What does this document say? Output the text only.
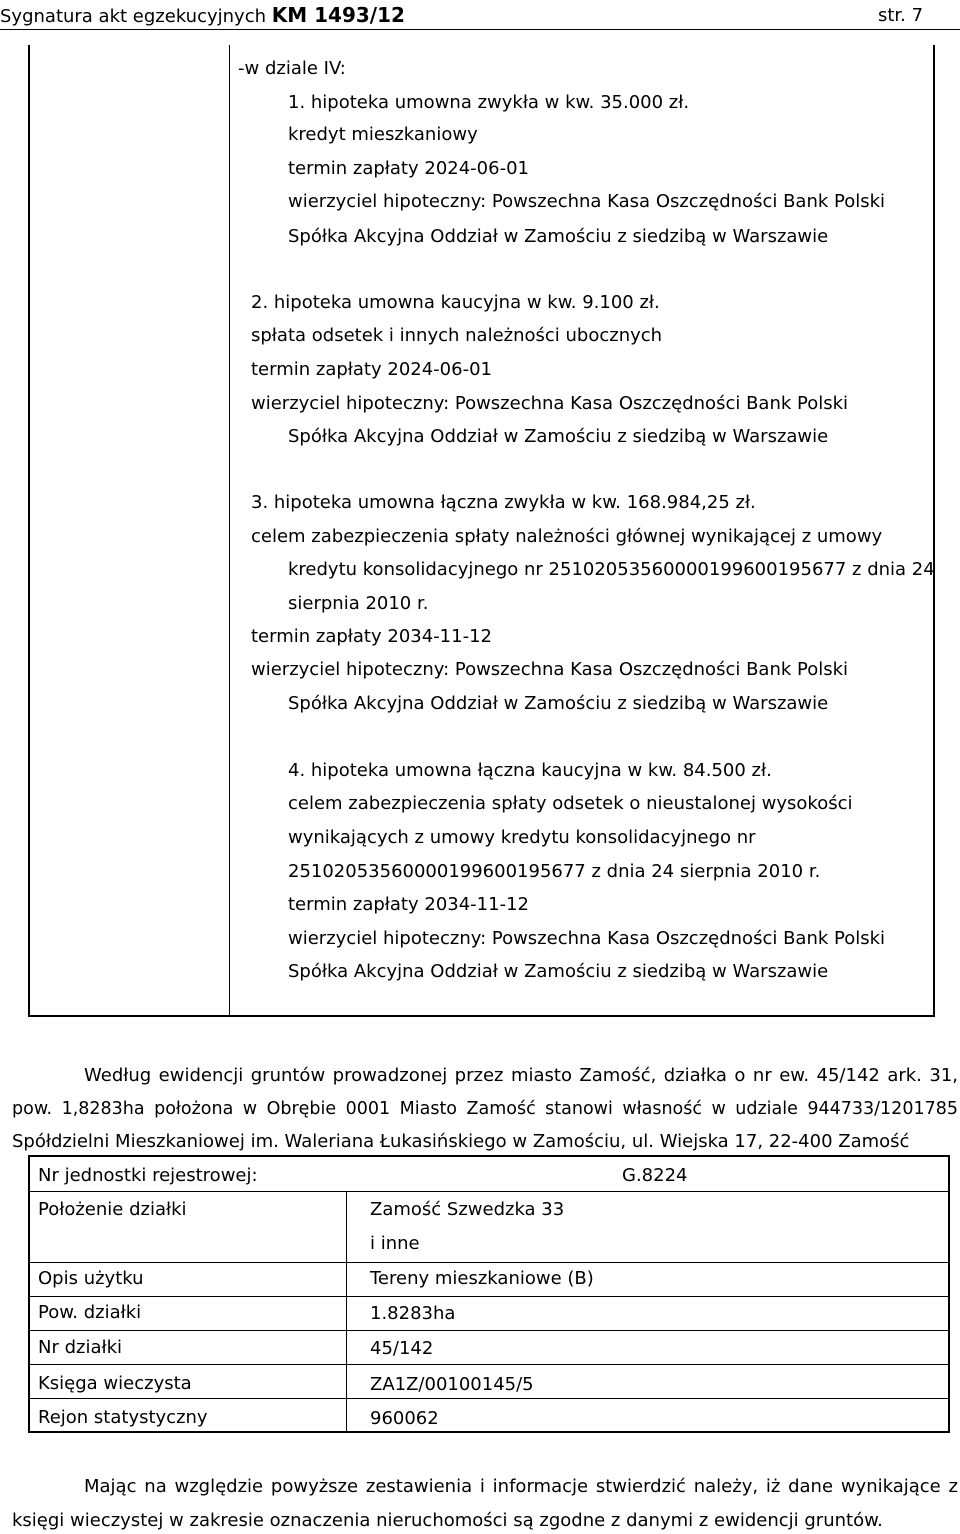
Sygnatura akt egzekucyjnych KM 1493/12	str. 7
-w dziale IV:
1. hipoteka umowna zwykła w kw. 35.000 zł.
kredyt mieszkaniowy
termin zapłaty 2024-06-01
wierzyciel hipoteczny: Powszechna Kasa Oszczędności Bank Polski
Spółka Akcyjna Oddział w Zamościu z siedzibą w Warszawie
2. hipoteka umowna kaucyjna w kw. 9.100 zł.
spłata odsetek i innych należności ubocznych
termin zapłaty 2024-06-01
wierzyciel hipoteczny: Powszechna Kasa Oszczędności Bank Polski
Spółka Akcyjna Oddział w Zamościu z siedzibą w Warszawie
3. hipoteka umowna łączna zwykła w kw. 168.984,25 zł.
celem zabezpieczenia spłaty należności głównej wynikającej z umowy
kredytu konsolidacyjnego nr 25102053560000199600195677 z dnia 24
sierpnia 2010 r.
termin zapłaty 2034-11-12
wierzyciel hipoteczny: Powszechna Kasa Oszczędności Bank Polski
Spółka Akcyjna Oddział w Zamościu z siedzibą w Warszawie
4. hipoteka umowna łączna kaucyjna w kw. 84.500 zł.
celem zabezpieczenia spłaty odsetek o nieustalonej wysokości
wynikających z umowy kredytu konsolidacyjnego nr
25102053560000199600195677 z dnia 24 sierpnia 2010 r.
termin zapłaty 2034-11-12
wierzyciel hipoteczny: Powszechna Kasa Oszczędności Bank Polski
Spółka Akcyjna Oddział w Zamościu z siedzibą w Warszawie
Według ewidencji gruntów prowadzonej przez miasto Zamość, działka o nr ew. 45/142 ark. 31,
pow. 1,8283ha położona w Obrębie 0001 Miasto Zamość stanowi własność w udziale 944733/1201785
Spółdzielni Mieszkaniowej im. Waleriana Łukasińskiego w Zamościu, ul. Wiejska 17, 22-400 Zamość
Nr jednostki rejestrowej:	G.8224
Położenie działki	Zamość Szwedzka 33
i inne
Opis użytku	Tereny mieszkaniowe (B)
Pow. działki	1.8283ha
Nr działki	45/142
Księga wieczysta	ZA1Z/00100145/5
Rejon statystyczny	960062
Mając na względzie powyższe zestawienia i informacje stwierdzić należy, iż dane wynikające z
księgi wieczystej w zakresie oznaczenia nieruchomości są zgodne z danymi z ewidencji gruntów.
